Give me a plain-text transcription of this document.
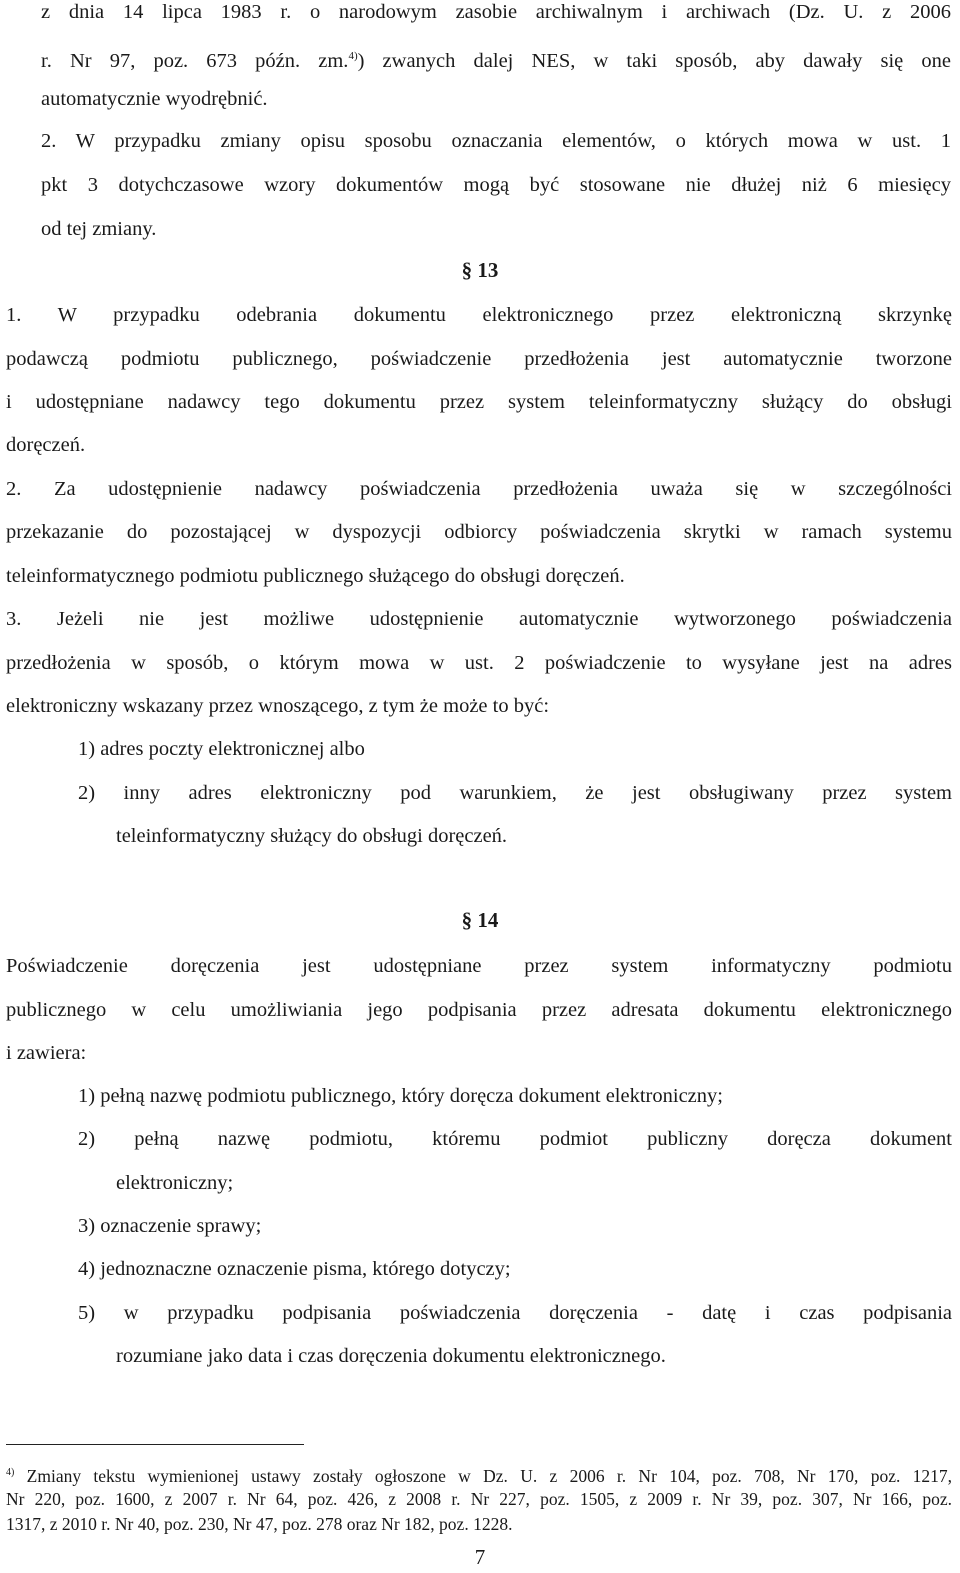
z dnia 14 lipca 1983 r. o narodowym zasobie archiwalnym i archiwach (Dz. U. z 2006
r. Nr 97, poz. 673 późn. zm.$^{4)}$) zwanych dalej NES, w taki sposób, aby dawały się one
automatycznie wyodrębnić.
2. W przypadku zmiany opisu sposobu oznaczania elementów, o których mowa w ust. 1
pkt 3 dotychczasowe wzory dokumentów mogą być stosowane nie dłużej niż 6 miesięcy
od tej zmiany.
§ 13
1. W przypadku odebrania dokumentu elektronicznego przez elektroniczną skrzynkę
podawczą podmiotu publicznego, poświadczenie przedłożenia jest automatycznie tworzone
i udostępniane nadawcy tego dokumentu przez system teleinformatyczny służący do obsługi
doręczeń.
2. Za udostępnienie nadawcy poświadczenia przedłożenia uważa się w szczególności
przekazanie do pozostającej w dyspozycji odbiorcy poświadczenia skrytki w ramach systemu
teleinformatycznego podmiotu publicznego służącego do obsługi doręczeń.
3. Jeżeli nie jest możliwe udostępnienie automatycznie wytworzonego poświadczenia
przedłożenia w sposób, o którym mowa w ust. 2 poświadczenie to wysyłane jest na adres
elektroniczny wskazany przez wnoszącego, z tym że może to być:
1) adres poczty elektronicznej albo
2) inny adres elektroniczny pod warunkiem, że jest obsługiwany przez system
teleinformatyczny służący do obsługi doręczeń.
§ 14
Poświadczenie doręczenia jest udostępniane przez system informatyczny podmiotu
publicznego w celu umożliwiania jego podpisania przez adresata dokumentu elektronicznego
i zawiera:
1) pełną nazwę podmiotu publicznego, który doręcza dokument elektroniczny;
2) pełną nazwę podmiotu, któremu podmiot publiczny doręcza dokument
elektroniczny;
3) oznaczenie sprawy;
4) jednoznaczne oznaczenie pisma, którego dotyczy;
5) w przypadku podpisania poświadczenia doręczenia - datę i czas podpisania
rozumiane jako data i czas doręczenia dokumentu elektronicznego.
$^{4)}$ Zmiany tekstu wymienionej ustawy zostały ogłoszone w Dz. U. z 2006 r. Nr 104, poz. 708, Nr 170, poz. 1217,
Nr 220, poz. 1600, z 2007 r. Nr 64, poz. 426, z 2008 r. Nr 227, poz. 1505, z 2009 r. Nr 39, poz. 307, Nr 166, poz.
1317, z 2010 r. Nr 40, poz. 230, Nr 47, poz. 278 oraz Nr 182, poz. 1228.
7
